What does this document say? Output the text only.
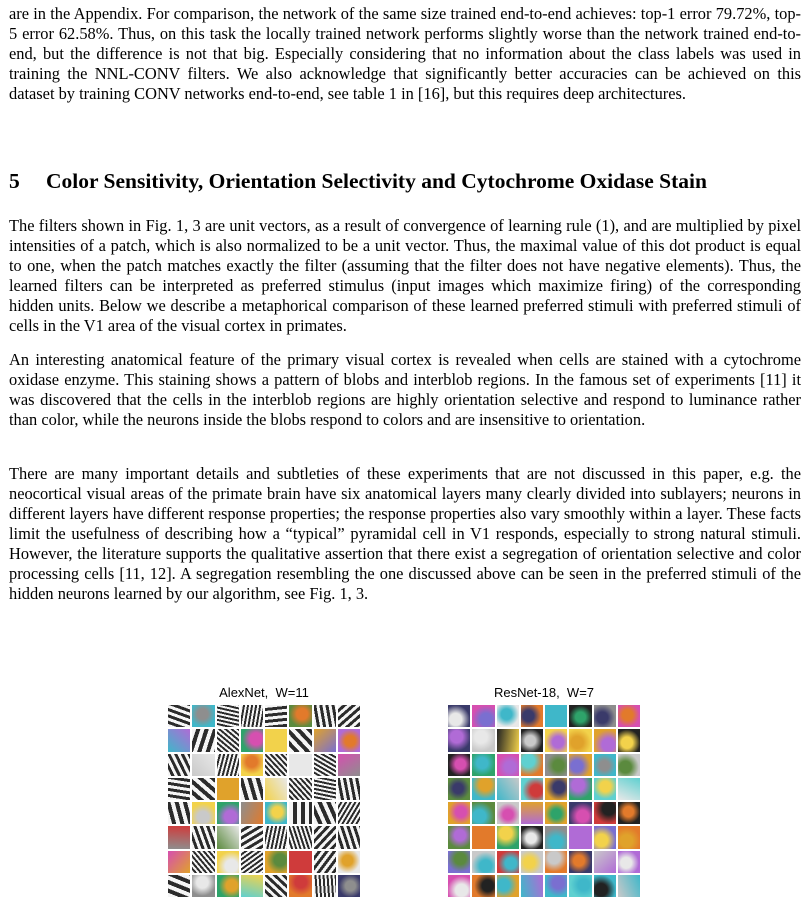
are in the Appendix. For comparison, the network of the same size trained end-to-end achieves: top-1 error 79.72%, top-5 error 62.58%. Thus, on this task the locally trained network performs slightly worse than the network trained end-to-end, but the difference is not that big. Especially considering that no information about the class labels was used in training the NNL-CONV filters. We also acknowledge that significantly better accuracies can be achieved on this dataset by training CONV networks end-to-end, see table 1 in [16], but this requires deep architectures.

5 Color Sensitivity, Orientation Selectivity and Cytochrome Oxidase Stain

The filters shown in Fig. 1, 3 are unit vectors, as a result of convergence of learning rule (1), and are multiplied by pixel intensities of a patch, which is also normalized to be a unit vector. Thus, the maximal value of this dot product is equal to one, when the patch matches exactly the filter (assuming that the filter does not have negative elements). Thus, the learned filters can be interpreted as preferred stimulus (input images which maximize firing) of the corresponding hidden units. Below we describe a metaphorical comparison of these learned preferred stimuli with preferred stimuli of cells in the V1 area of the visual cortex in primates.

An interesting anatomical feature of the primary visual cortex is revealed when cells are stained with a cytochrome oxidase enzyme. This staining shows a pattern of blobs and interblob regions. In the famous set of experiments [11] it was discovered that the cells in the interblob regions are highly orientation selective and respond to luminance rather than color, while the neurons inside the blobs respond to colors and are insensitive to orientation.

There are many important details and subtleties of these experiments that are not discussed in this paper, e.g. the neocortical visual areas of the primate brain have six anatomical layers many clearly divided into sublayers; neurons in different layers have different response properties; the response properties also vary smoothly within a layer. These facts limit the usefulness of describing how a “typical” pyramidal cell in V1 responds, especially to strong natural stimuli. However, the literature supports the qualitative assertion that there exist a segregation of orientation selective and color processing cells [11, 12]. A segregation resembling the one discussed above can be seen in the preferred stimuli of the hidden neurons learned by our algorithm, see Fig. 1, 3.

AlexNet,  W=11	ResNet-18,  W=7
